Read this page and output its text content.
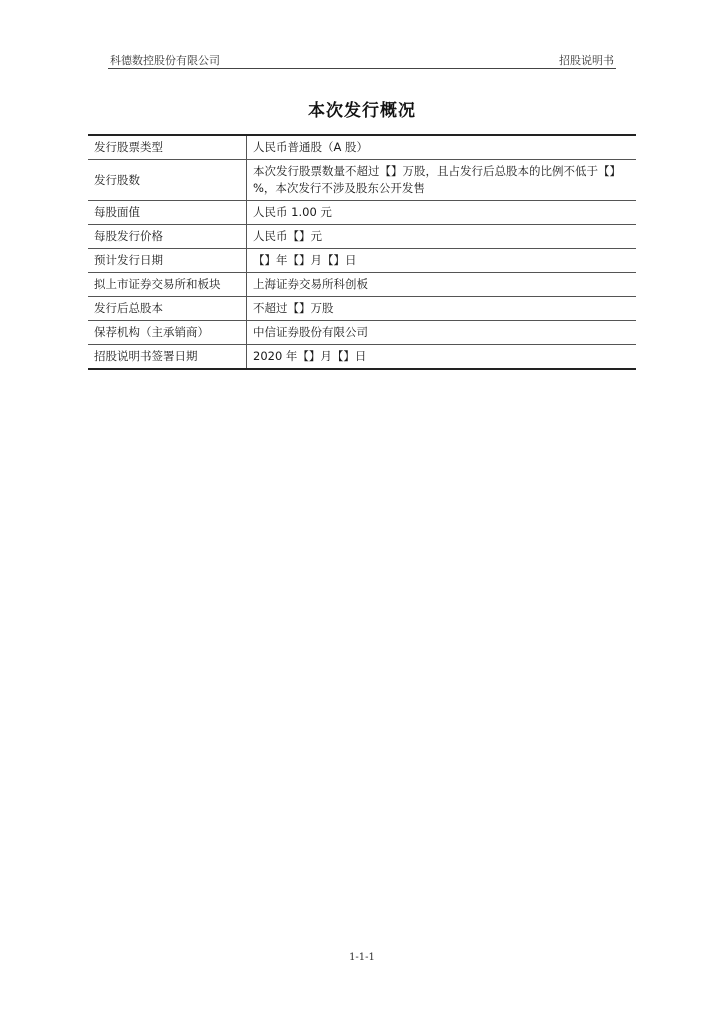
科德数控股份有限公司	招股说明书
本次发行概况
发行股票类型	人民币普通股（A 股）
发行股数	本次发行股票数量不超过【】万股，且占发行后总股本的比例不低于【】%，本次发行不涉及股东公开发售
每股面值	人民币 1.00 元
每股发行价格	人民币【】元
预计发行日期	【】年【】月【】日
拟上市证券交易所和板块	上海证券交易所科创板
发行后总股本	不超过【】万股
保荐机构（主承销商）	中信证券股份有限公司
招股说明书签署日期	2020 年【】月【】日
1-1-1
